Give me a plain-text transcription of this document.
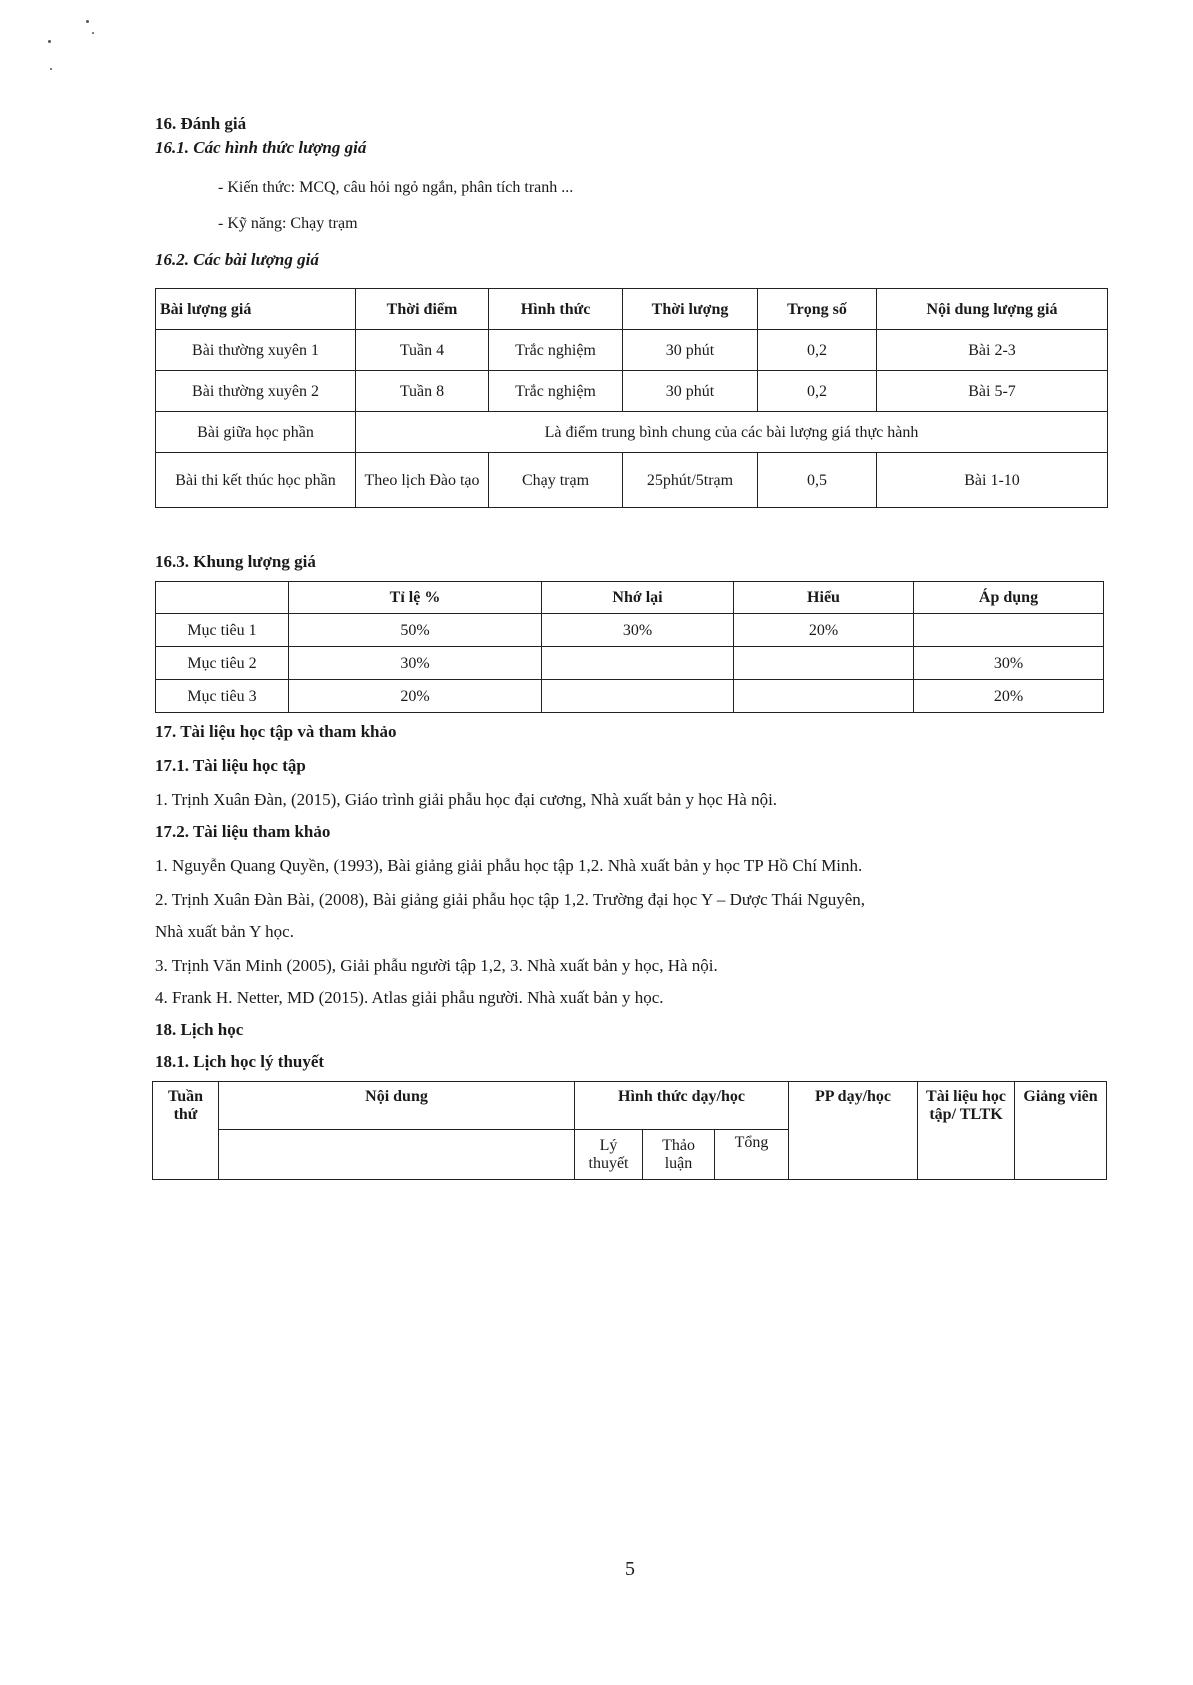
16. Đánh giá
16.1. Các hình thức lượng giá
- Kiến thức: MCQ, câu hỏi ngỏ ngắn, phân tích tranh ...
- Kỹ năng: Chạy trạm
16.2. Các bài lượng giá
Bài lượng giá	Thời điểm	Hình thức	Thời lượng	Trọng số	Nội dung lượng giá
Bài thường xuyên 1	Tuần 4	Trắc nghiệm	30 phút	0,2	Bài 2-3
Bài thường xuyên 2	Tuần 8	Trắc nghiệm	30 phút	0,2	Bài 5-7
Bài giữa học phần	Là điểm trung bình chung của các bài lượng giá thực hành				
Bài thi kết thúc học phần	Theo lịch Đào tạo	Chạy trạm	25phút/5trạm	0,5	Bài 1-10
16.3. Khung lượng giá
	Tỉ lệ %	Nhớ lại	Hiểu	Áp dụng
Mục tiêu 1	50%	30%	20%	
Mục tiêu 2	30%			30%
Mục tiêu 3	20%			20%
17. Tài liệu học tập và tham khảo
17.1. Tài liệu học tập
1. Trịnh Xuân Đàn, (2015), Giáo trình giải phẫu học đại cương, Nhà xuất bản y học Hà nội.
17.2. Tài liệu tham khảo
1. Nguyễn Quang Quyền, (1993), Bài giảng giải phẫu học tập 1,2. Nhà xuất bản y học TP Hồ Chí Minh.
2. Trịnh Xuân Đàn Bài, (2008), Bài giảng giải phẫu học tập 1,2. Trường đại học Y – Dược Thái Nguyên,
Nhà xuất bản Y học.
3. Trịnh Văn Minh (2005), Giải phẫu người tập 1,2, 3. Nhà xuất bản y học, Hà nội.
4. Frank H. Netter, MD (2015). Atlas giải phẫu người. Nhà xuất bản y học.
18. Lịch học
18.1. Lịch học lý thuyết
Tuần thứ	Nội dung	Hình thức dạy/học			PP dạy/học	Tài liệu học tập/ TLTK	Giảng viên
		Lý thuyết	Thảo luận	Tổng			
5
